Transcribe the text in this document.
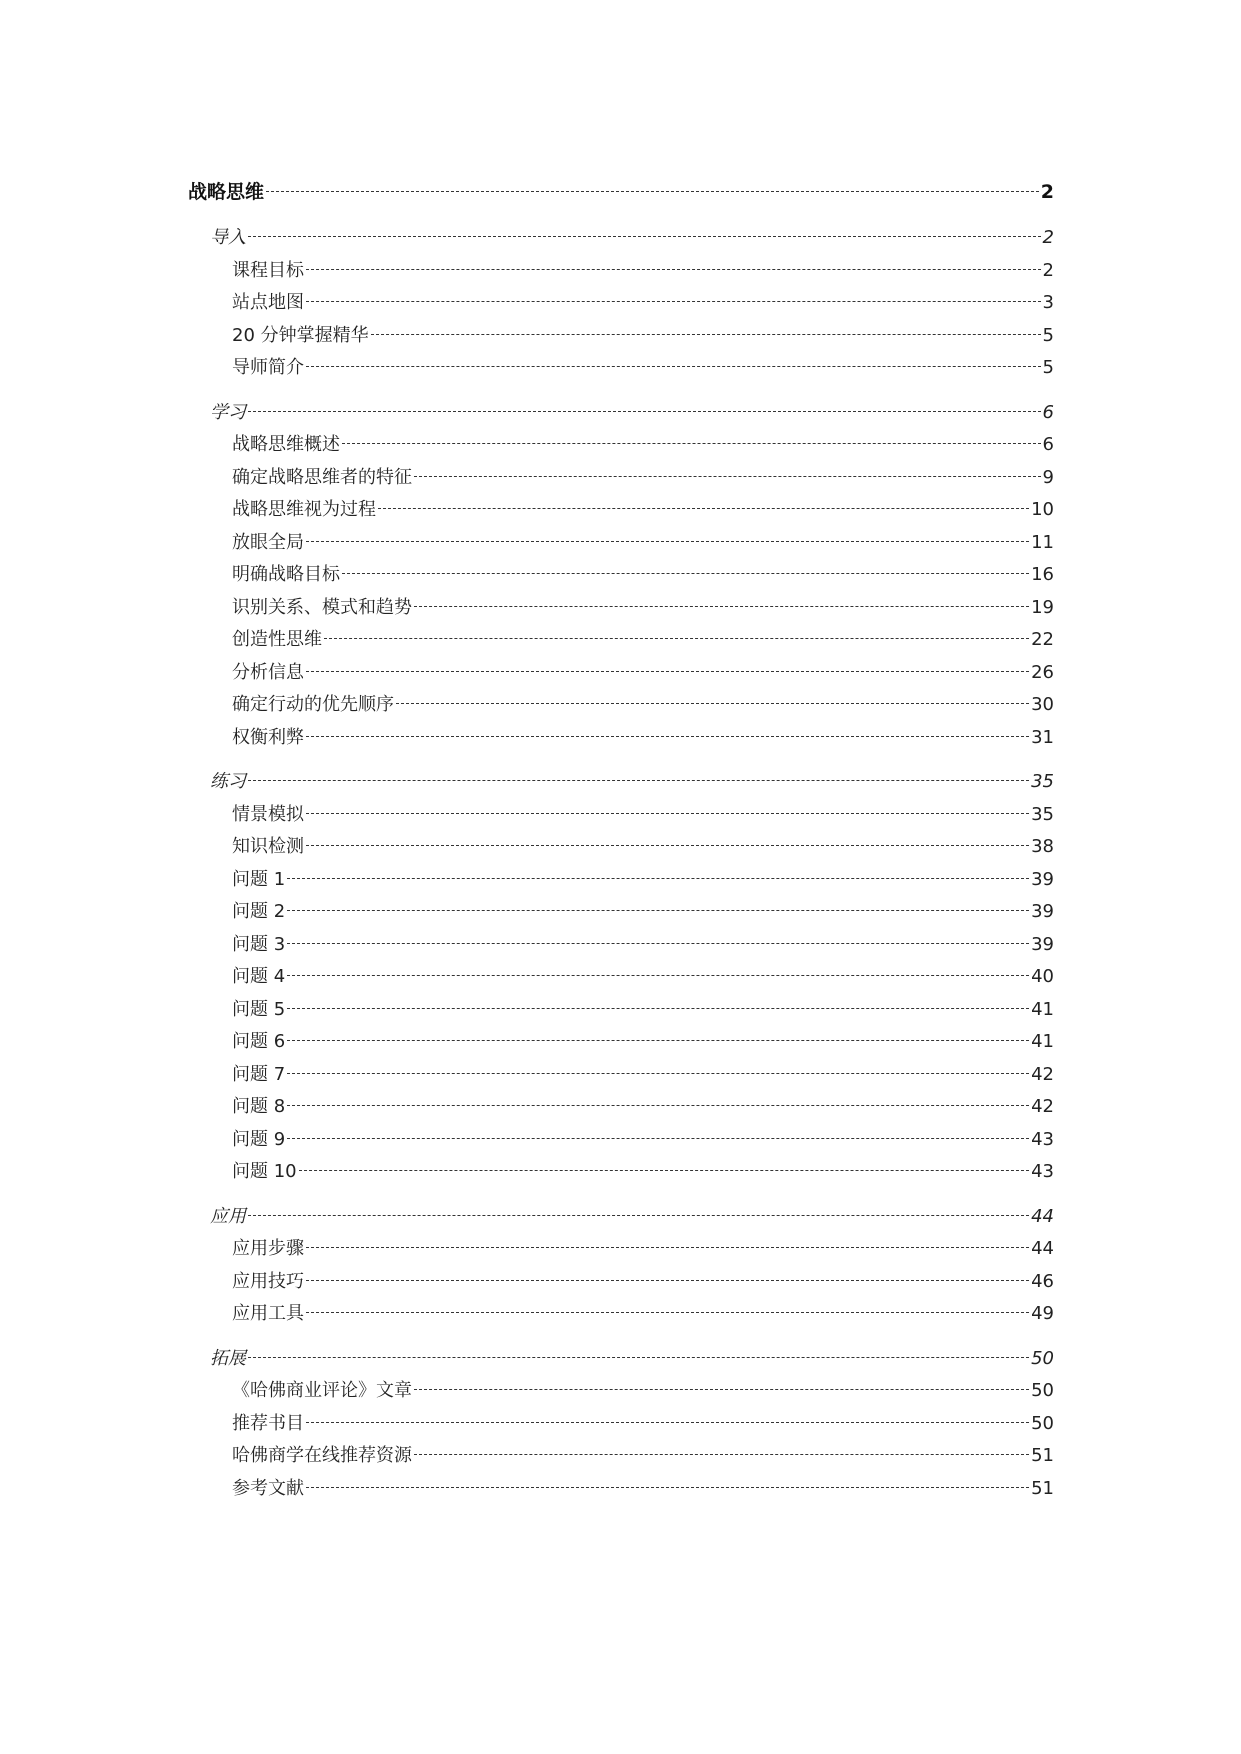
战略思维	2
导入	2
课程目标	2
站点地图	3
20 分钟掌握精华	5
导师简介	5
学习	6
战略思维概述	6
确定战略思维者的特征	9
战略思维视为过程	10
放眼全局	11
明确战略目标	16
识别关系、模式和趋势	19
创造性思维	22
分析信息	26
确定行动的优先顺序	30
权衡利弊	31
练习	35
情景模拟	35
知识检测	38
问题 1	39
问题 2	39
问题 3	39
问题 4	40
问题 5	41
问题 6	41
问题 7	42
问题 8	42
问题 9	43
问题 10	43
应用	44
应用步骤	44
应用技巧	46
应用工具	49
拓展	50
《哈佛商业评论》文章	50
推荐书目	50
哈佛商学在线推荐资源	51
参考文献	51
